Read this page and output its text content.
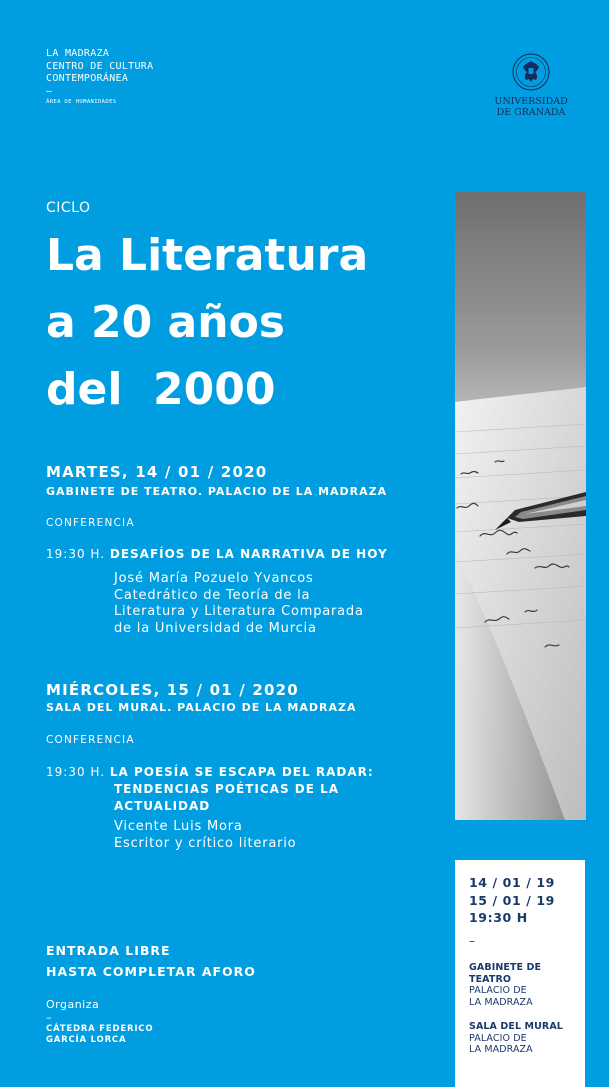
LA MADRAZA
CENTRO DE CULTURA
CONTEMPORÁNEA
–
ÁREA DE HUMANIDADES	UNIVERSIDAD
DE GRANADA
CICLO
La Literatura
a 20 años
del  2000
MARTES, 14 / 01 / 2020
GABINETE DE TEATRO. PALACIO DE LA MADRAZA
CONFERENCIA
19:30 H. DESAFÍOS DE LA NARRATIVA DE HOY
José María Pozuelo Yvancos
Catedrático de Teoría de la
Literatura y Literatura Comparada
de la Universidad de Murcia
MIÉRCOLES, 15 / 01 / 2020
SALA DEL MURAL. PALACIO DE LA MADRAZA
CONFERENCIA
19:30 H. LA POESÍA SE ESCAPA DEL RADAR:
TENDENCIAS POÉTICAS DE LA
ACTUALIDAD
Vicente Luis Mora
Escritor y crítico literario
ENTRADA LIBRE
HASTA COMPLETAR AFORO
Organiza
–
CÁTEDRA FEDERICO
GARCÍA LORCA
14 / 01 / 19
15 / 01 / 19
19:30 H
–
GABINETE DE
TEATRO
PALACIO DE
LA MADRAZA
SALA DEL MURAL
PALACIO DE
LA MADRAZA
